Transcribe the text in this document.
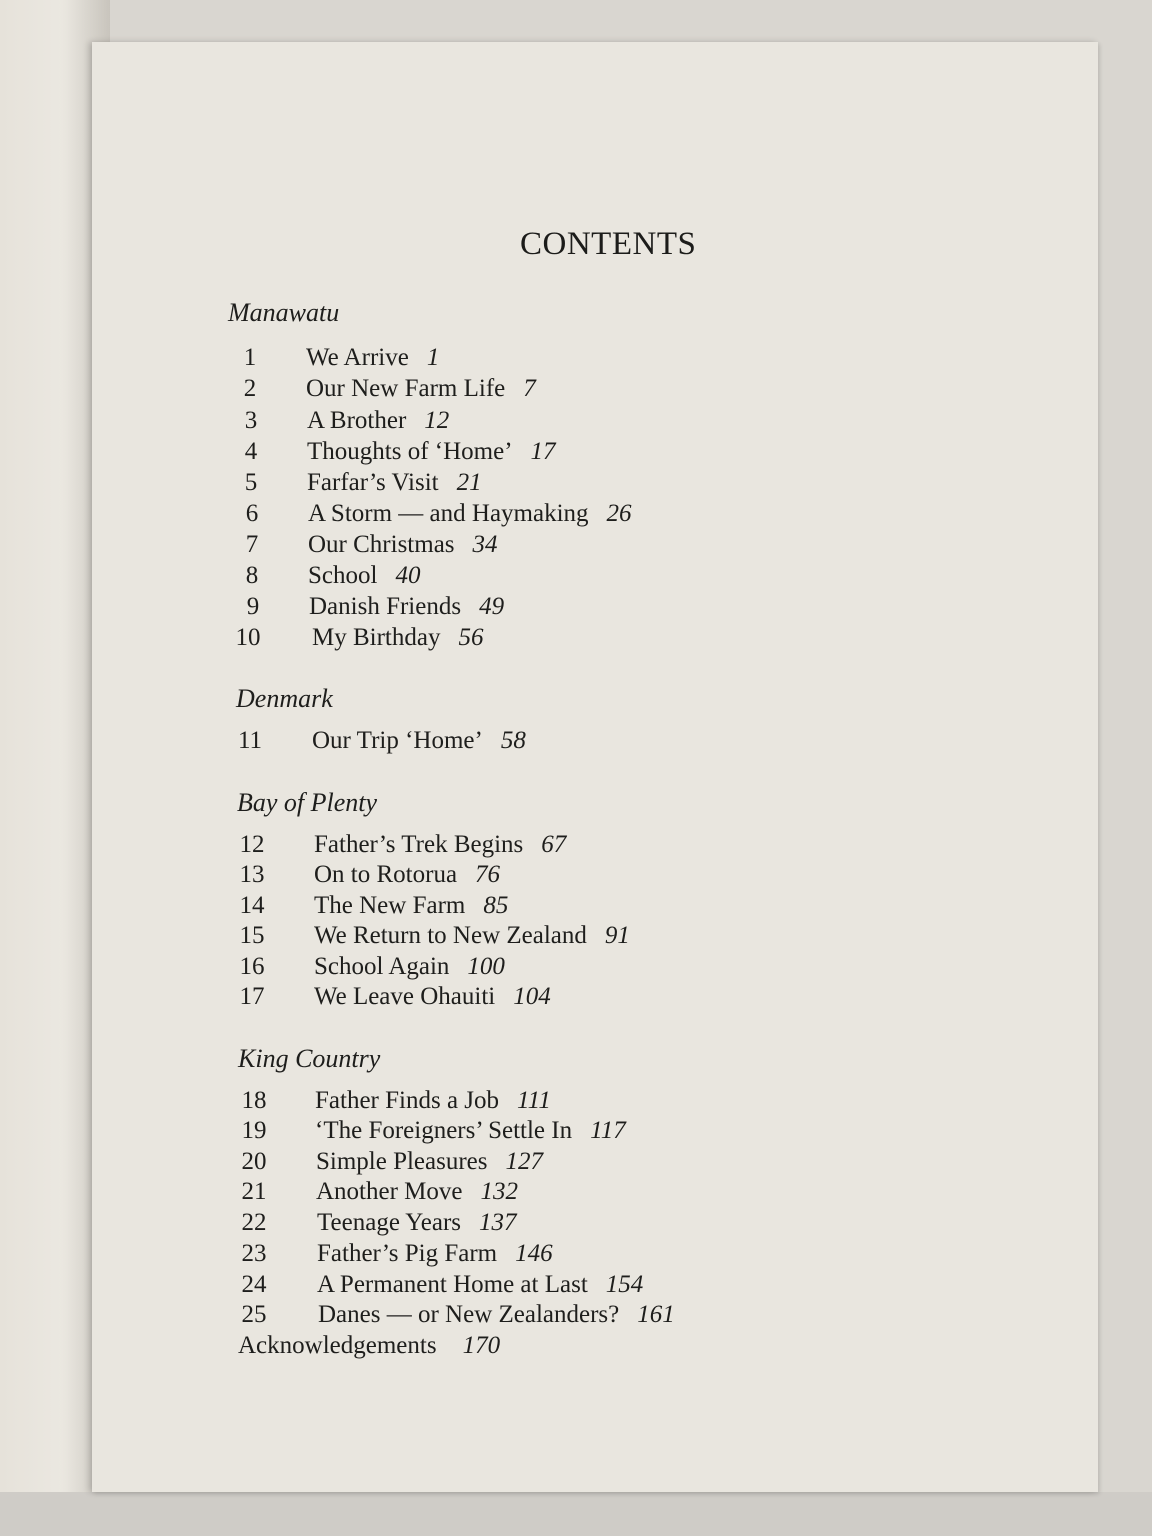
CONTENTS
Manawatu
1	We Arrive 1
2	Our New Farm Life 7
3	A Brother 12
4	Thoughts of ‘Home’ 17
5	Farfar’s Visit 21
6	A Storm — and Haymaking 26
7	Our Christmas 34
8	School 40
9	Danish Friends 49
10 My Birthday 56
Denmark
11 Our Trip ‘Home’ 58
Bay of Plenty
12 Father’s Trek Begins 67
13 On to Rotorua 76
14 The New Farm 85
15 We Return to New Zealand 91
16 School Again 100
17 We Leave Ohauiti 104
King Country
18 Father Finds a Job 111
19 ‘The Foreigners’ Settle In 117
20 Simple Pleasures 127
21 Another Move 132
22 Teenage Years 137
23 Father’s Pig Farm 146
24 A Permanent Home at Last 154
25 Danes — or New Zealanders? 161
Acknowledgements 170
